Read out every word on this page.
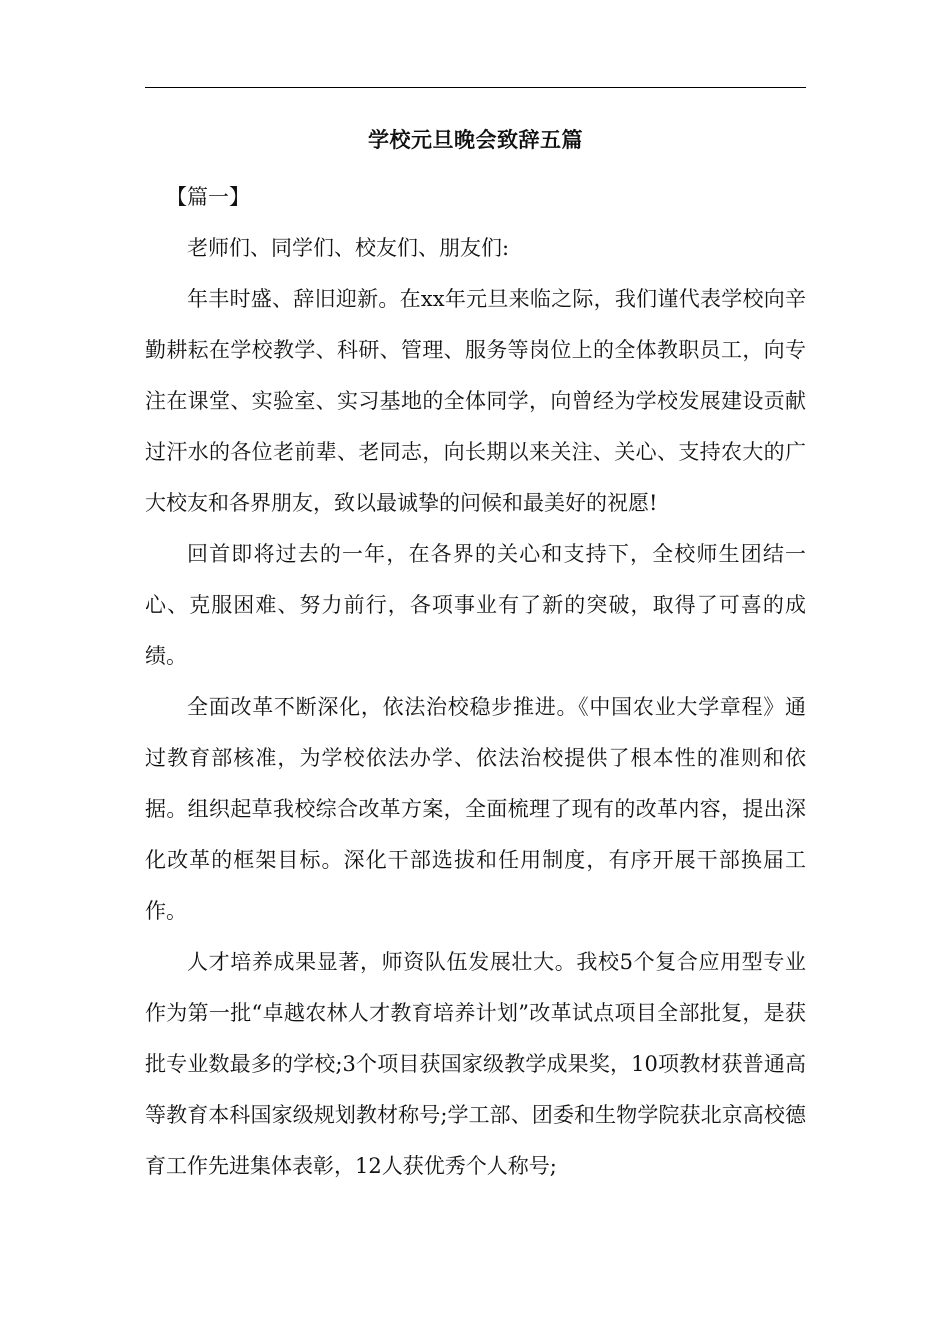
学校元旦晚会致辞五篇

【篇一】

老师们、同学们、校友们、朋友们:

年丰时盛、辞旧迎新。在xx年元旦来临之际，我们谨代表学校向辛勤耕耘在学校教学、科研、管理、服务等岗位上的全体教职员工，向专注在课堂、实验室、实习基地的全体同学，向曾经为学校发展建设贡献过汗水的各位老前辈、老同志，向长期以来关注、关心、支持农大的广大校友和各界朋友，致以最诚挚的问候和最美好的祝愿!

回首即将过去的一年，在各界的关心和支持下，全校师生团结一心、克服困难、努力前行，各项事业有了新的突破，取得了可喜的成绩。

全面改革不断深化，依法治校稳步推进。《中国农业大学章程》通过教育部核准，为学校依法办学、依法治校提供了根本性的准则和依据。组织起草我校综合改革方案，全面梳理了现有的改革内容，提出深化改革的框架目标。深化干部选拔和任用制度，有序开展干部换届工作。

人才培养成果显著，师资队伍发展壮大。我校5个复合应用型专业作为第一批“卓越农林人才教育培养计划”改革试点项目全部批复，是获批专业数最多的学校;3个项目获国家级教学成果奖，10项教材获普通高等教育本科国家级规划教材称号;学工部、团委和生物学院获北京高校德育工作先进集体表彰，12人获优秀个人称号;
